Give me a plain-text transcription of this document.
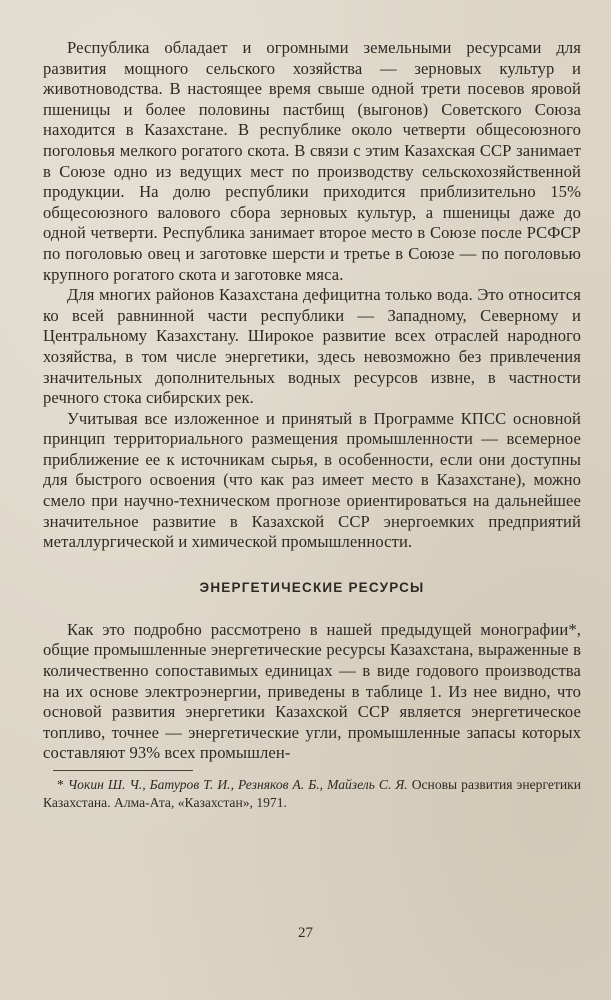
Республика обладает и огромными земельными ресурсами для развития мощного сельского хозяйства — зерновых культур и животноводства. В настоящее время свыше одной трети посевов яровой пшеницы и более половины пастбищ (выгонов) Советского Союза находится в Казахстане. В республике около четверти общесоюзного поголовья мелкого рогатого скота. В связи с этим Казахская ССР занимает в Союзе одно из ведущих мест по производству сельскохозяйственной продукции. На долю республики приходится приблизительно 15% общесоюзного валового сбора зерновых культур, а пшеницы даже до одной четверти. Республика занимает второе место в Союзе после РСФСР по поголовью овец и заготовке шерсти и третье в Союзе — по поголовью крупного рогатого скота и заготовке мяса.

Для многих районов Казахстана дефицитна только вода. Это относится ко всей равнинной части республики — Западному, Северному и Центральному Казахстану. Широкое развитие всех отраслей народного хозяйства, в том числе энергетики, здесь невозможно без привлечения значительных дополнительных водных ресурсов извне, в частности речного стока сибирских рек.

Учитывая все изложенное и принятый в Программе КПСС основной принцип территориального размещения промышленности — всемерное приближение ее к источникам сырья, в особенности, если они доступны для быстрого освоения (что как раз имеет место в Казахстане), можно смело при научно-техническом прогнозе ориентироваться на дальнейшее значительное развитие в Казахской ССР энергоемких предприятий металлургической и химической промышленности.

ЭНЕРГЕТИЧЕСКИЕ РЕСУРСЫ

Как это подробно рассмотрено в нашей предыдущей монографии*, общие промышленные энергетические ресурсы Казахстана, выраженные в количественно сопоставимых единицах — в виде годового производства на их основе электроэнергии, приведены в таблице 1. Из нее видно, что основой развития энергетики Казахской ССР является энергетическое топливо, точнее — энергетические угли, промышленные запасы которых составляют 93% всех промышлен-

* Чокин Ш. Ч., Батуров Т. И., Резняков А. Б., Майзель С. Я. Основы развития энергетики Казахстана. Алма-Ата, «Казахстан», 1971.

27
